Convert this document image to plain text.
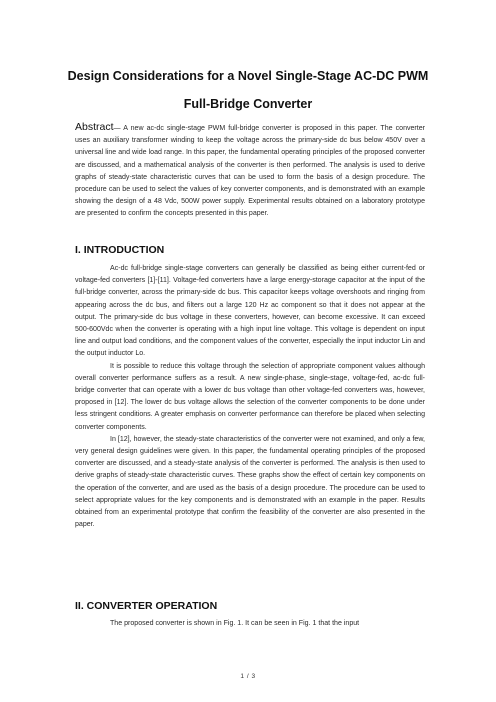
Design Considerations for a Novel Single-Stage AC-DC PWM
Full-Bridge Converter
Abstract— A new ac-dc single-stage PWM full-bridge converter is proposed in this paper. The converter uses an auxiliary transformer winding to keep the voltage across the primary-side dc bus below 450V over a universal line and wide load range. In this paper, the fundamental operating principles of the proposed converter are discussed, and a mathematical analysis of the converter is then performed. The analysis is used to derive graphs of steady-state characteristic curves that can be used to form the basis of a design procedure. The procedure can be used to select the values of key converter components, and is demonstrated with an example showing the design of a 48 Vdc, 500W power supply. Experimental results obtained on a laboratory prototype are presented to confirm the concepts presented in this paper.
I. INTRODUCTION

Ac-dc full-bridge single-stage converters can generally be classified as being either current-fed or voltage-fed converters [1]-[11]. Voltage-fed converters have a large energy-storage capacitor at the input of the full-bridge converter, across the primary-side dc bus. This capacitor keeps voltage overshoots and ringing from appearing across the dc bus, and filters out a large 120 Hz ac component so that it does not appear at the output. The primary-side dc bus voltage in these converters, however, can become excessive. It can exceed 500-600Vdc when the converter is operating with a high input line voltage. This voltage is dependent on input line and output load conditions, and the component values of the converter, especially the input inductor Lin and the output inductor Lo.

It is possible to reduce this voltage through the selection of appropriate component values although overall converter performance suffers as a result. A new single-phase, single-stage, voltage-fed, ac-dc full-bridge converter that can operate with a lower dc bus voltage than other voltage-fed converters was, however, proposed in [12]. The lower dc bus voltage allows the selection of the converter components to be done under less stringent conditions. A greater emphasis on converter performance can therefore be placed when selecting converter components.

In [12], however, the steady-state characteristics of the converter were not examined, and only a few, very general design guidelines were given. In this paper, the fundamental operating principles of the proposed converter are discussed, and a steady-state analysis of the converter is performed. The analysis is then used to derive graphs of steady-state characteristic curves. These graphs show the effect of certain key components on the operation of the converter, and are used as the basis of a design procedure. The procedure can be used to select appropriate values for the key components and is demonstrated with an example in the paper. Results obtained from an experimental prototype that confirm the feasibility of the converter are also presented in the paper.

II. CONVERTER OPERATION

The proposed converter is shown in Fig. 1. It can be seen in Fig. 1 that the input

1 / 3
